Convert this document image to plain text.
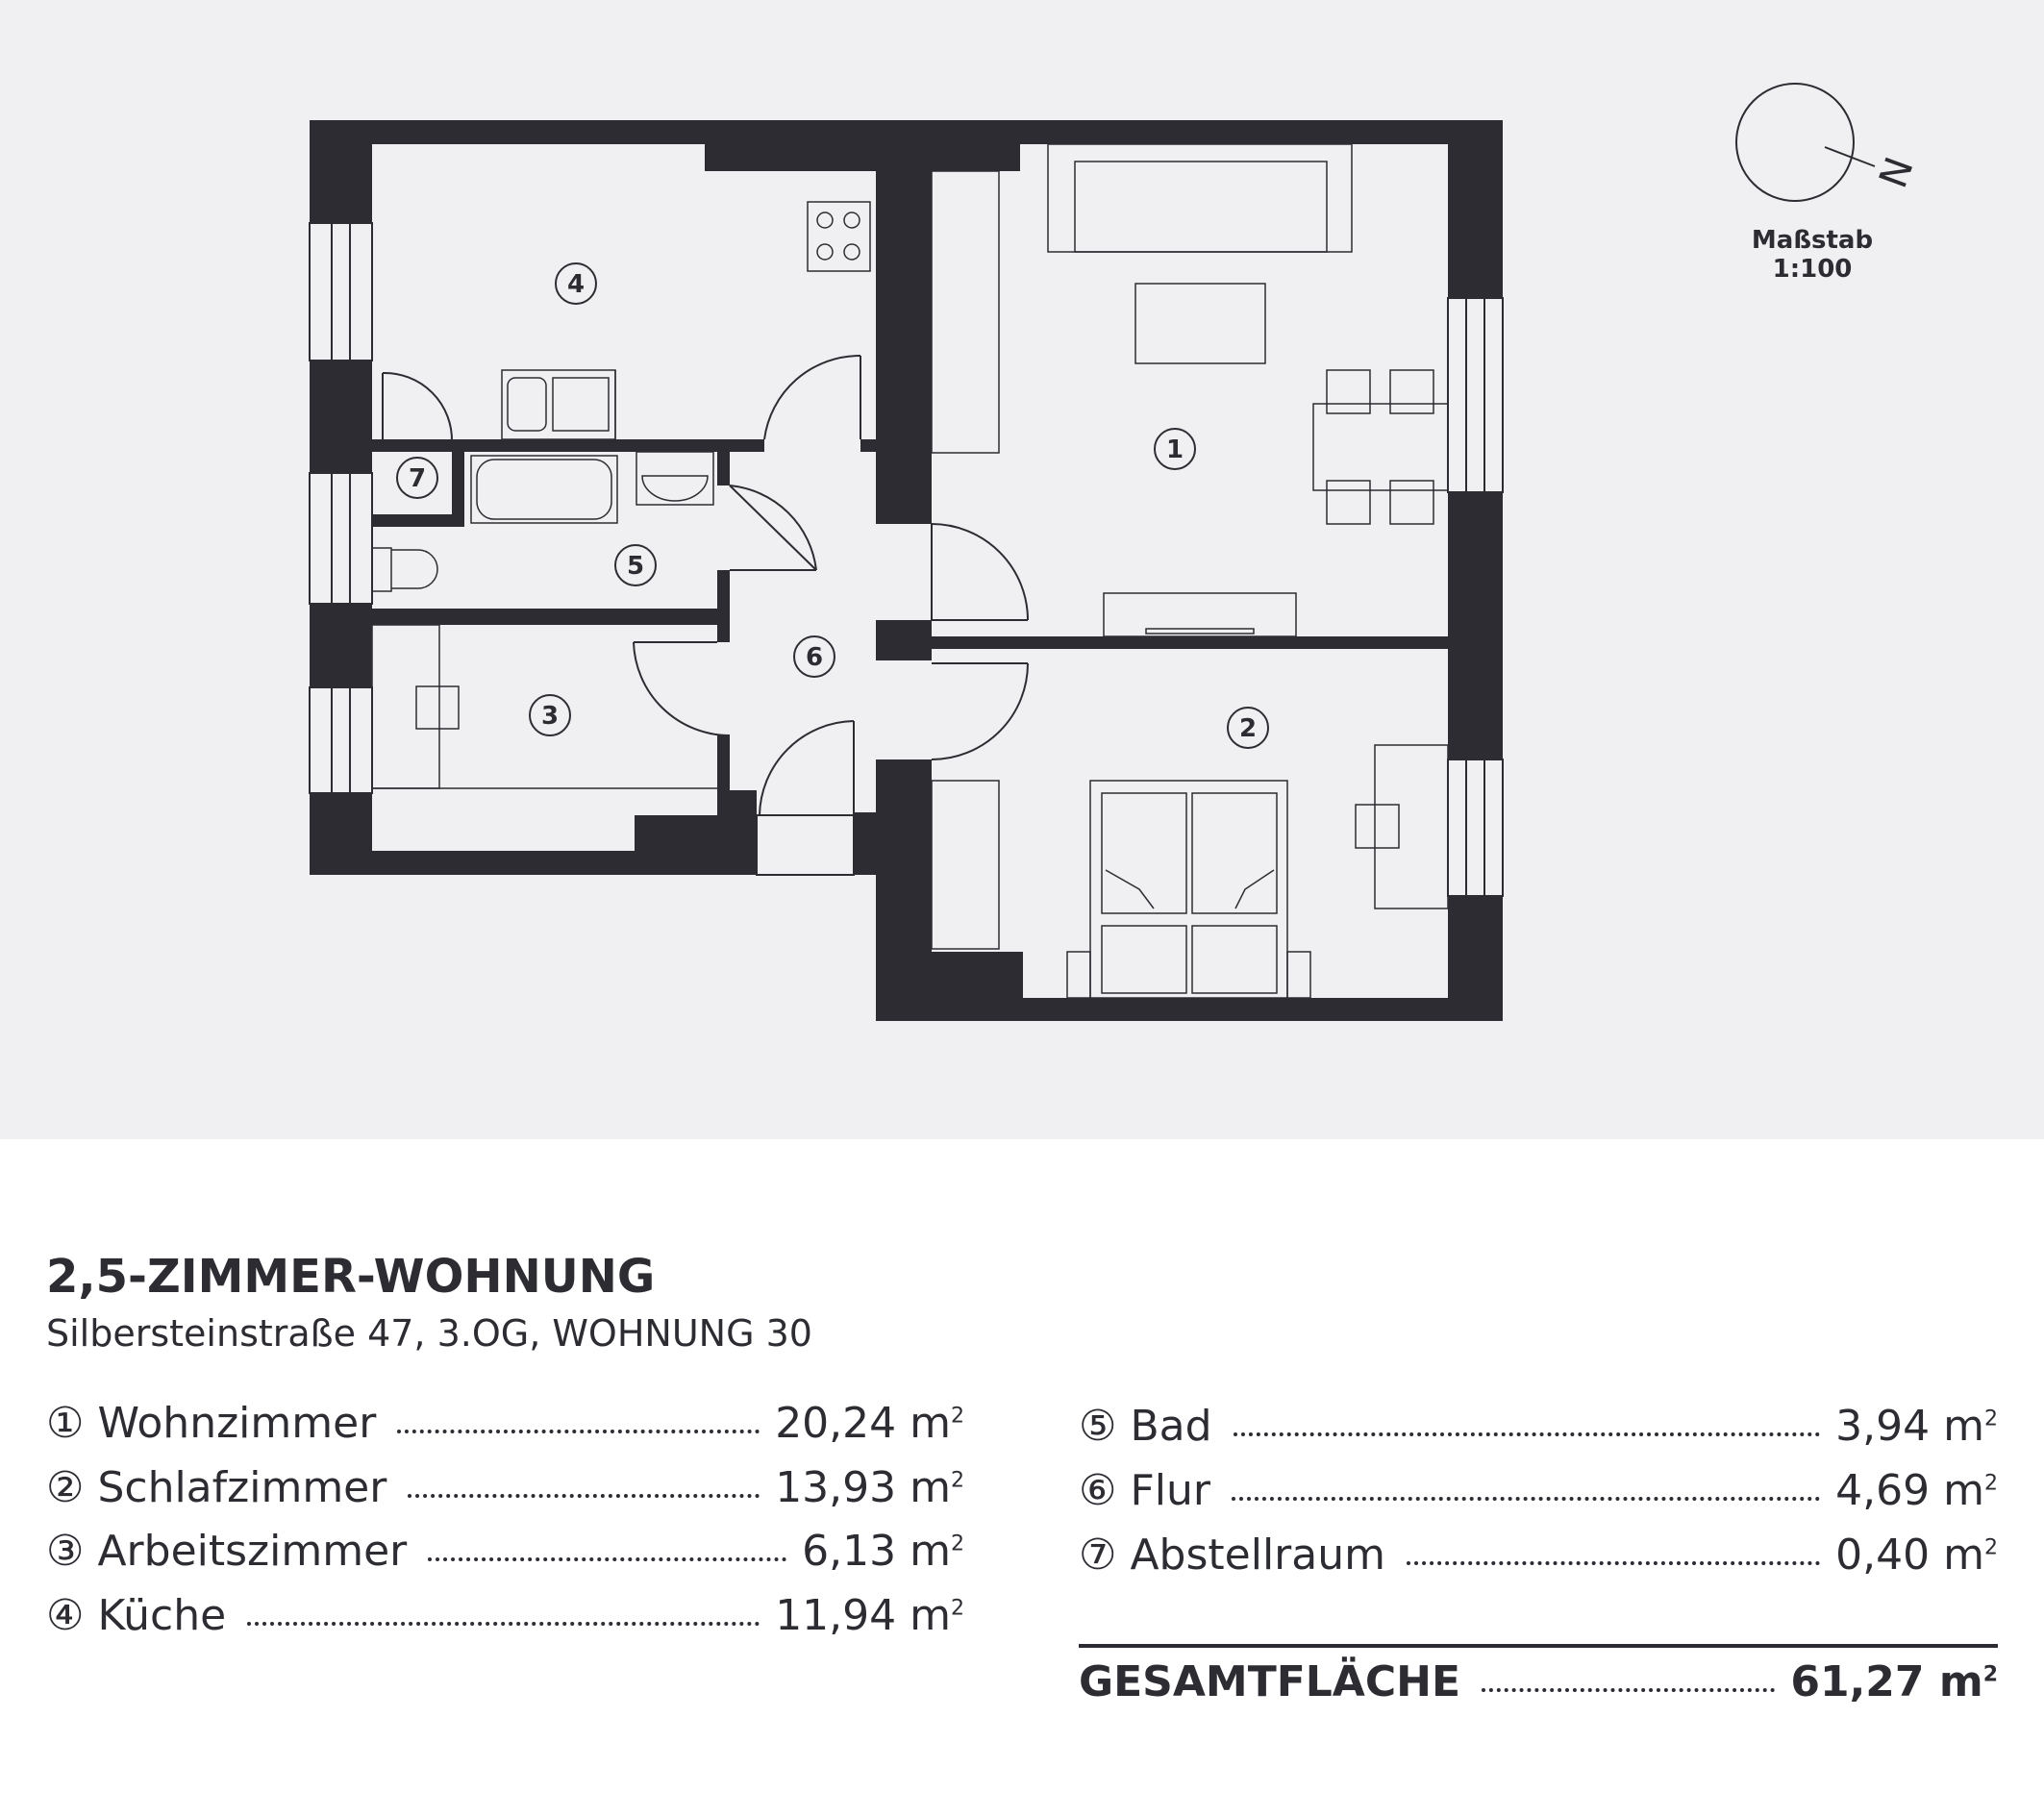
1
2
3
4
5
6
7
N
Maßstab 1:100
2,5-ZIMMER-WOHNUNG
Silbersteinstraße 47, 3.OG, WOHNUNG 30
① Wohnzimmer	20,24 $m^2$
② Schlafzimmer	13,93 $m^2$
③ Arbeitszimmer	6,13 $m^2$
④ Küche	11,94 $m^2$
⑤ Bad	3,94 $m^2$
⑥ Flur	4,69 $m^2$
⑦ Abstellraum	0,40 $m^2$
GESAMTFLÄCHE	61,27 $m^2$
